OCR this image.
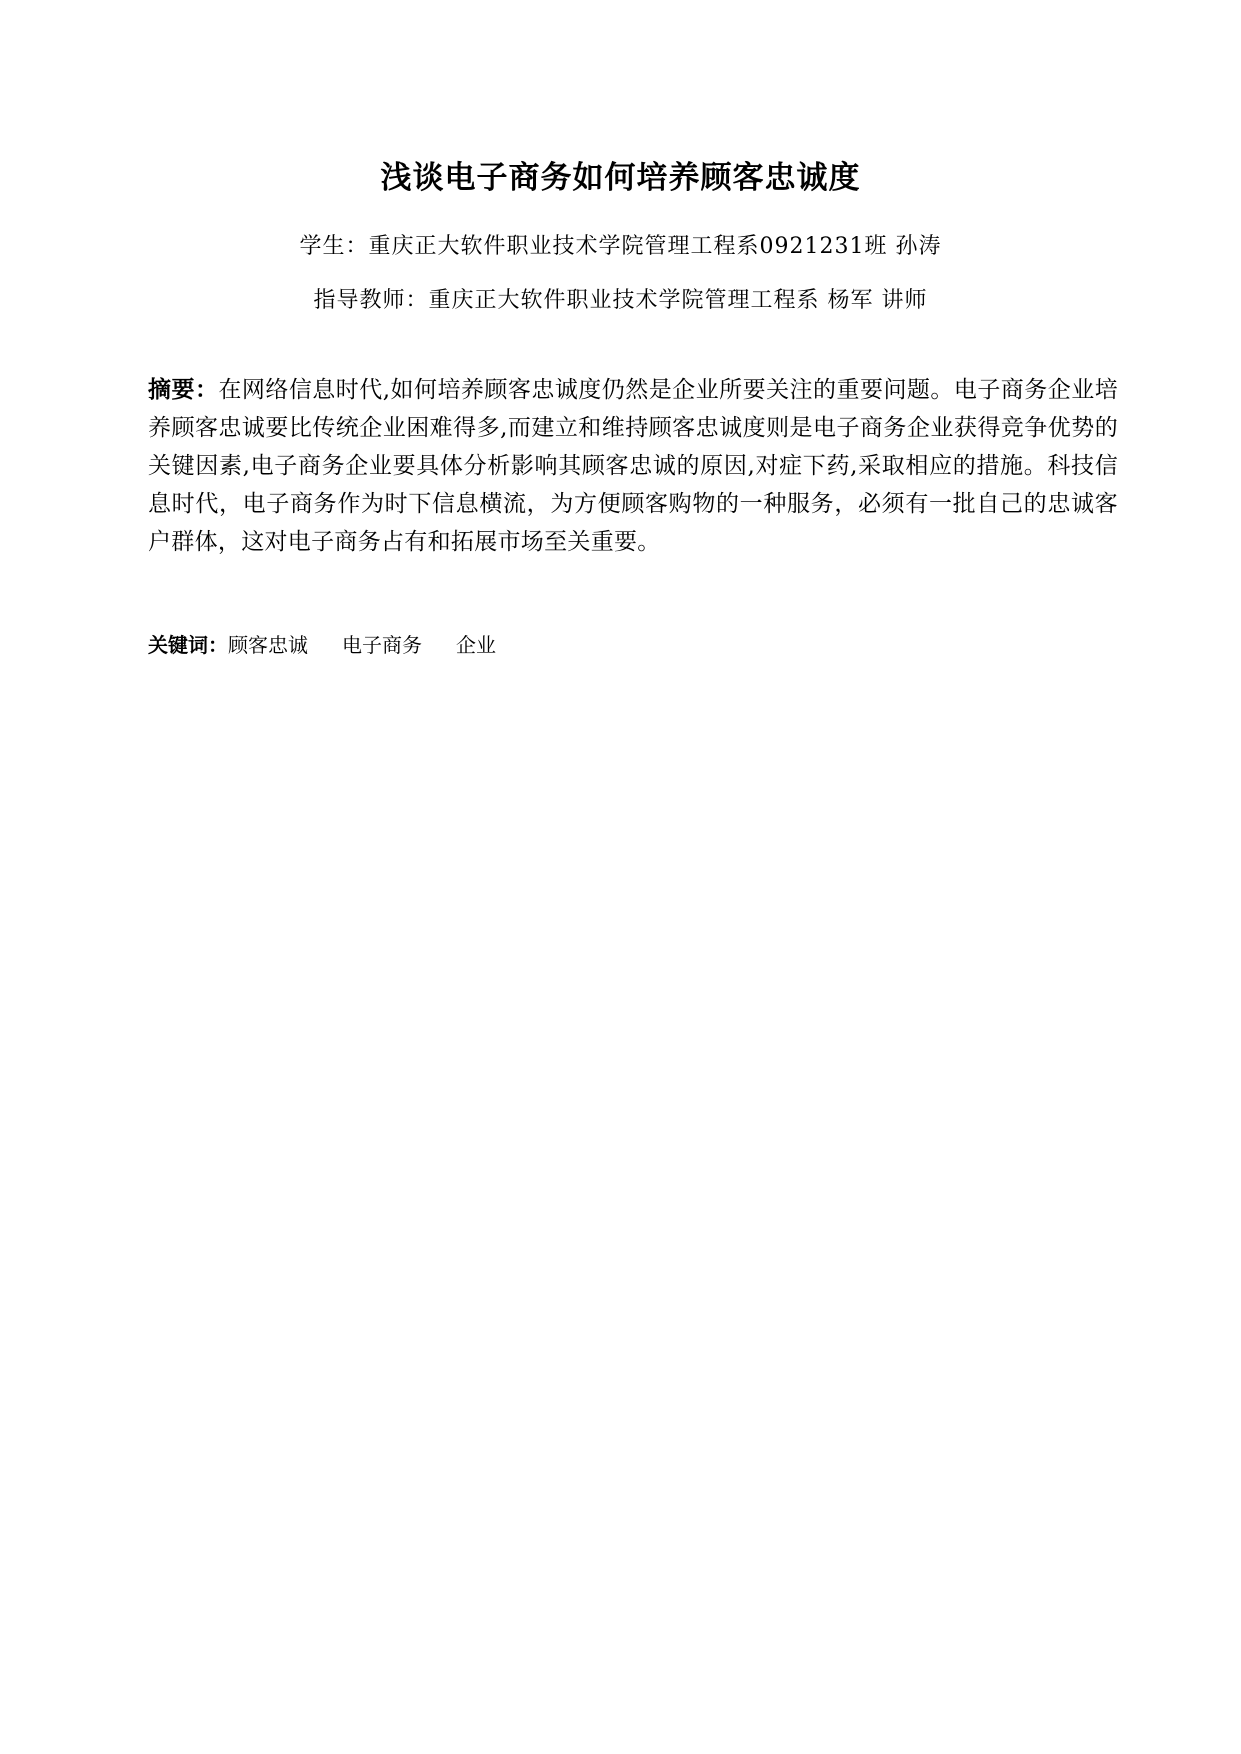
浅谈电子商务如何培养顾客忠诚度
学生：重庆正大软件职业技术学院管理工程系0921231班 孙涛
指导教师：重庆正大软件职业技术学院管理工程系 杨军 讲师
摘要：在网络信息时代,如何培养顾客忠诚度仍然是企业所要关注的重要问题。电子商务企业培养顾客忠诚要比传统企业困难得多,而建立和维持顾客忠诚度则是电子商务企业获得竞争优势的关键因素,电子商务企业要具体分析影响其顾客忠诚的原因,对症下药,采取相应的措施。科技信息时代，电子商务作为时下信息横流，为方便顾客购物的一种服务，必须有一批自己的忠诚客户群体，这对电子商务占有和拓展市场至关重要。
关键词：顾客忠诚 电子商务 企业
